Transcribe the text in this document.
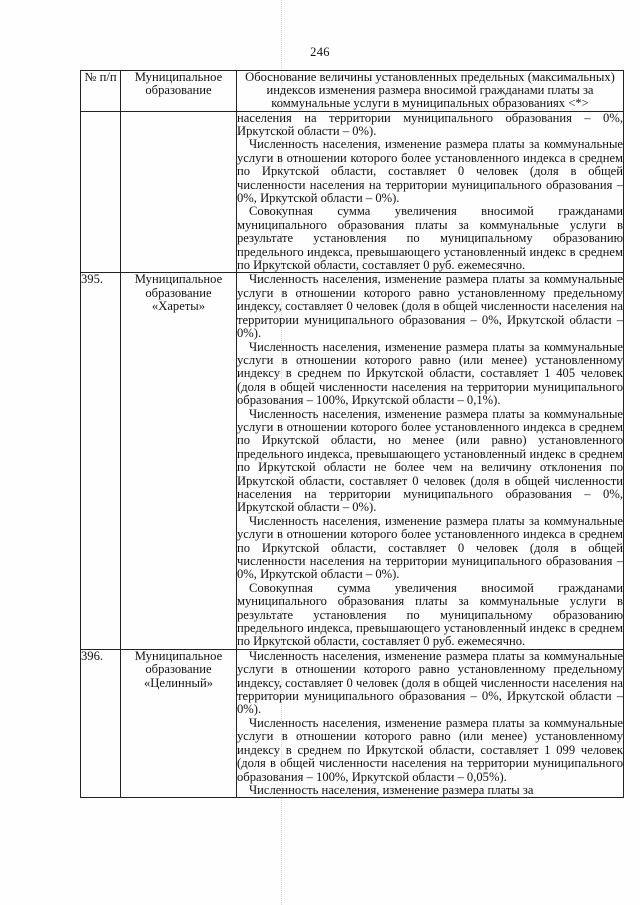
246
№ п/п	Муниципальное образование	Обоснование величины установленных предельных (максимальных) индексов изменения размера вносимой гражданами платы за коммунальные услуги в муниципальных образованиях <*>

		населения на территории муниципального образования – 0%, Иркутской области – 0%).

Численность населения, изменение размера платы за коммунальные услуги в отношении которого более установленного индекса в среднем по Иркутской области, составляет 0 человек (доля в общей численности населения на территории муниципального образования – 0%, Иркутской области – 0%).

Совокупная сумма увеличения вносимой гражданами муниципального образования платы за коммунальные услуги в результате установления по муниципальному образованию предельного индекса, превышающего установленный индекс в среднем по Иркутской области, составляет 0 руб. ежемесячно.

395.	Муниципальное образование «Хареты»	Численность населения, изменение размера платы за коммунальные услуги в отношении которого равно установленному предельному индексу, составляет 0 человек (доля в общей численности населения на территории муниципального образования – 0%, Иркутской области – 0%).

Численность населения, изменение размера платы за коммунальные услуги в отношении которого равно (или менее) установленному индексу в среднем по Иркутской области, составляет 1 405 человек (доля в общей численности населения на территории муниципального образования – 100%, Иркутской области – 0,1%).

Численность населения, изменение размера платы за коммунальные услуги в отношении которого более установленного индекса в среднем по Иркутской области, но менее (или равно) установленного предельного индекса, превышающего установленный индекс в среднем по Иркутской области не более чем на величину отклонения по Иркутской области, составляет 0 человек (доля в общей численности населения на территории муниципального образования – 0%, Иркутской области – 0%).

Численность населения, изменение размера платы за коммунальные услуги в отношении которого более установленного индекса в среднем по Иркутской области, составляет 0 человек (доля в общей численности населения на территории муниципального образования – 0%, Иркутской области – 0%).

Совокупная сумма увеличения вносимой гражданами муниципального образования платы за коммунальные услуги в результате установления по муниципальному образованию предельного индекса, превышающего установленный индекс в среднем по Иркутской области, составляет 0 руб. ежемесячно.

396.	Муниципальное образование «Целинный»	Численность населения, изменение размера платы за коммунальные услуги в отношении которого равно установленному предельному индексу, составляет 0 человек (доля в общей численности населения на территории муниципального образования – 0%, Иркутской области – 0%).

Численность населения, изменение размера платы за коммунальные услуги в отношении которого равно (или менее) установленному индексу в среднем по Иркутской области, составляет 1 099 человек (доля в общей численности населения на территории муниципального образования – 100%, Иркутской области – 0,05%).

Численность населения, изменение размера платы за
